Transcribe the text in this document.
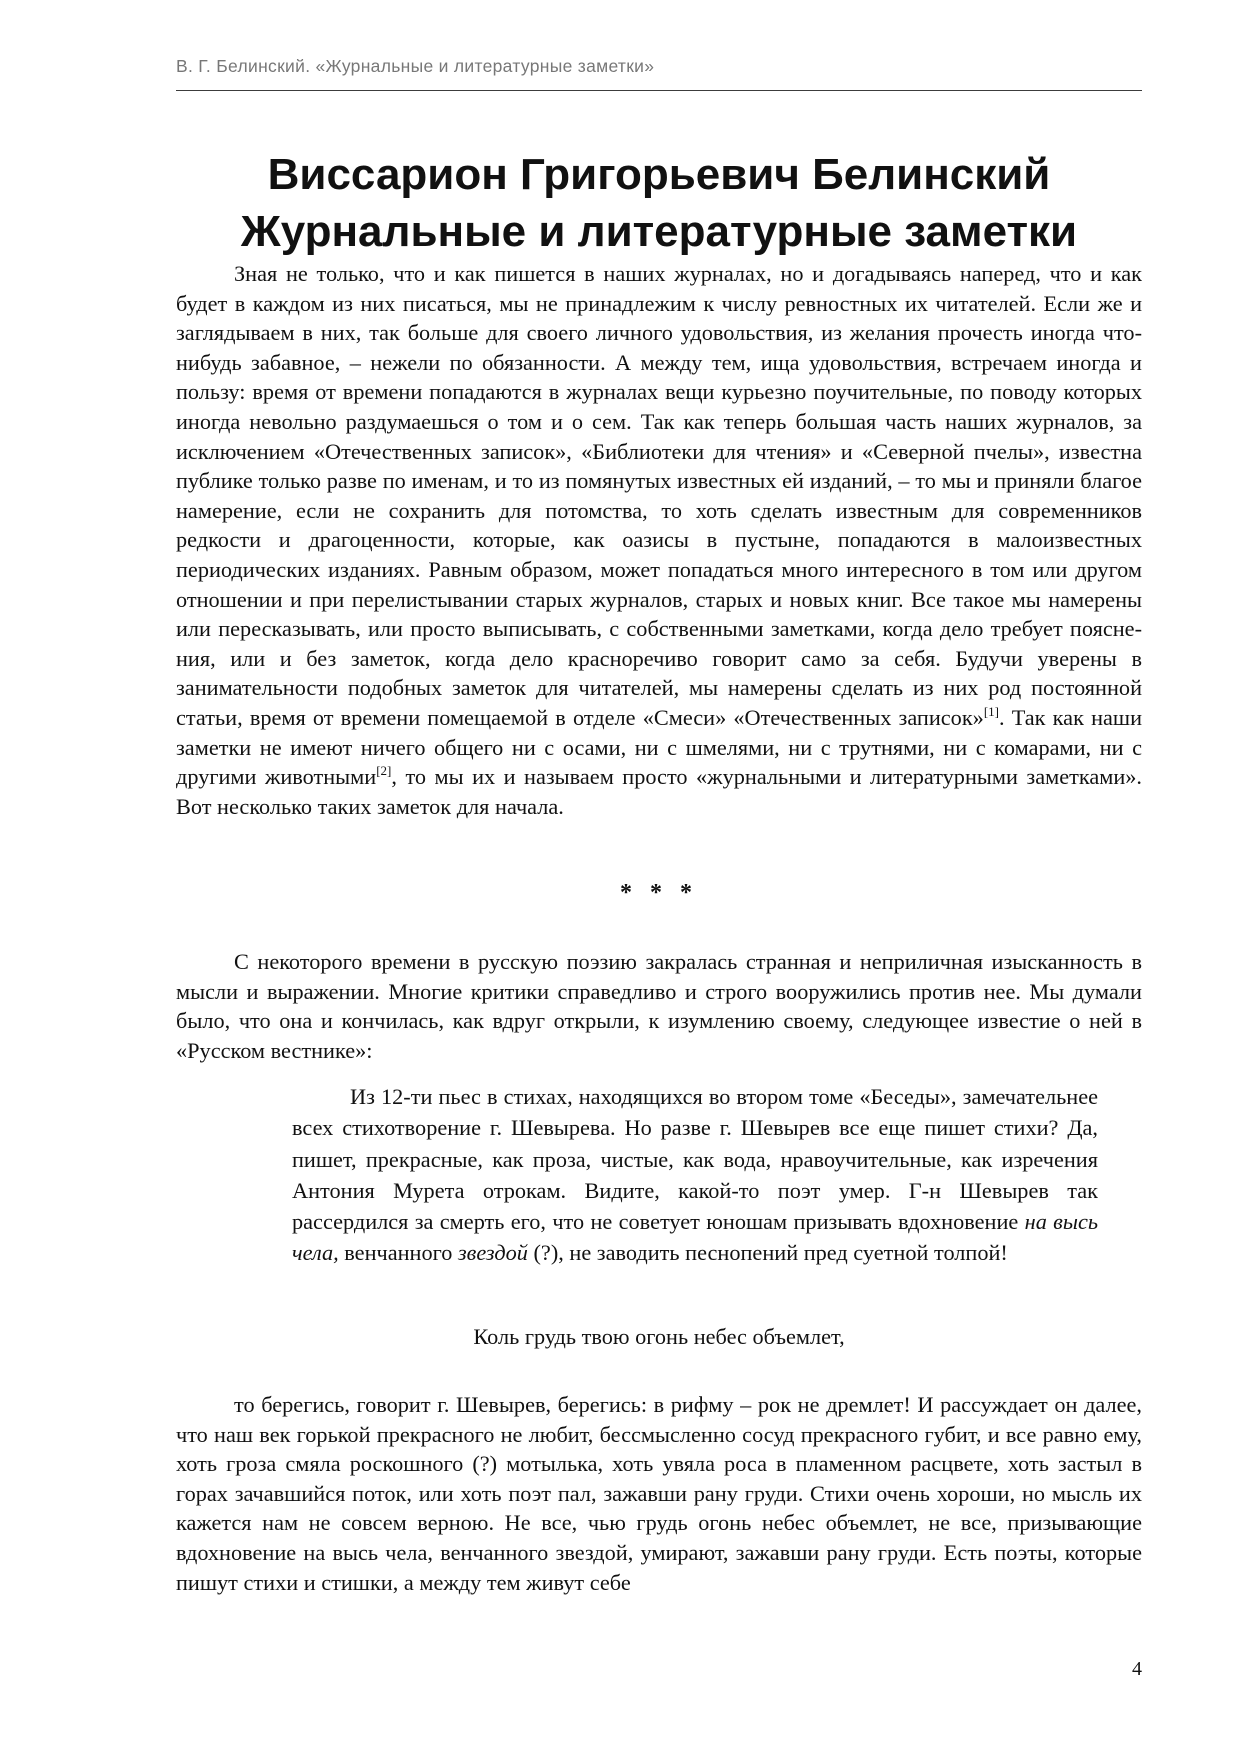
В. Г. Белинский. «Журнальные и литературные заметки»
Виссарион Григорьевич Белинский
Журнальные и литературные заметки

Зная не только, что и как пишется в наших журналах, но и догадываясь наперед, что и как будет в каждом из них писаться, мы не принадлежим к числу ревностных их читателей. Если же и заглядываем в них, так больше для своего личного удовольствия, из желания прочесть иногда что-нибудь забавное, – нежели по обязанности. А между тем, ища удовольствия, встречаем иногда и пользу: время от времени попадаются в журналах вещи курьезно поучительные, по поводу которых иногда невольно раздумаешься о том и о сем. Так как теперь большая часть наших журналов, за исключением «Отечественных записок», «Библиотеки для чтения» и «Северной пчелы», известна публике только разве по именам, и то из помянутых известных ей изданий, – то мы и приняли благое намерение, если не сохранить для потомства, то хоть сделать известным для современников редкости и драгоценности, которые, как оазисы в пустыне, попадаются в малоизвестных периодических изданиях. Равным образом, может попадаться много интересного в том или другом отношении и при перелистывании старых журналов, старых и новых книг. Все такое мы намерены или пересказывать, или просто выписывать, с собственными заметками, когда дело требует пояснения, или и без заметок, когда дело красноречиво говорит само за себя. Будучи уверены в занимательности подобных заметок для читателей, мы намерены сделать из них род постоянной статьи, время от времени помещаемой в отделе «Смеси» «Отечественных записок»[1]. Так как наши заметки не имеют ничего общего ни с осами, ни с шмелями, ни с трутнями, ни с комарами, ни с другими животными[2], то мы их и называем просто «журнальными и литературными заметками». Вот несколько таких заметок для начала.

* * *

С некоторого времени в русскую поэзию закралась странная и неприличная изысканность в мысли и выражении. Многие критики справедливо и строго вооружились против нее. Мы думали было, что она и кончилась, как вдруг открыли, к изумлению своему, следующее известие о ней в «Русском вестнике»:

Из 12-ти пьес в стихах, находящихся во втором томе «Беседы», замечательнее всех стихотворение г. Шевырева. Но разве г. Шевырев все еще пишет стихи? Да, пишет, прекрасные, как проза, чистые, как вода, нравоучительные, как изречения Антония Мурета отрокам. Видите, какой-то поэт умер. Г-н Шевырев так рассердился за смерть его, что не советует юношам призывать вдохновение на высь чела, венчанного звездой (?), не заводить песнопений пред суетной толпой!

Коль грудь твою огонь небес объемлет,

то берегись, говорит г. Шевырев, берегись: в рифму – рок не дремлет! И рассуждает он далее, что наш век горькой прекрасного не любит, бессмысленно сосуд прекрасного губит, и все равно ему, хоть гроза смяла роскошного (?) мотылька, хоть увяла роса в пламенном расцвете, хоть застыл в горах зачавшийся поток, или хоть поэт пал, зажавши рану груди. Стихи очень хороши, но мысль их кажется нам не совсем верною. Не все, чью грудь огонь небес объемлет, не все, призывающие вдохновение на высь чела, венчанного звездой, умирают, зажавши рану груди. Есть поэты, которые пишут стихи и стишки, а между тем живут себе

4
